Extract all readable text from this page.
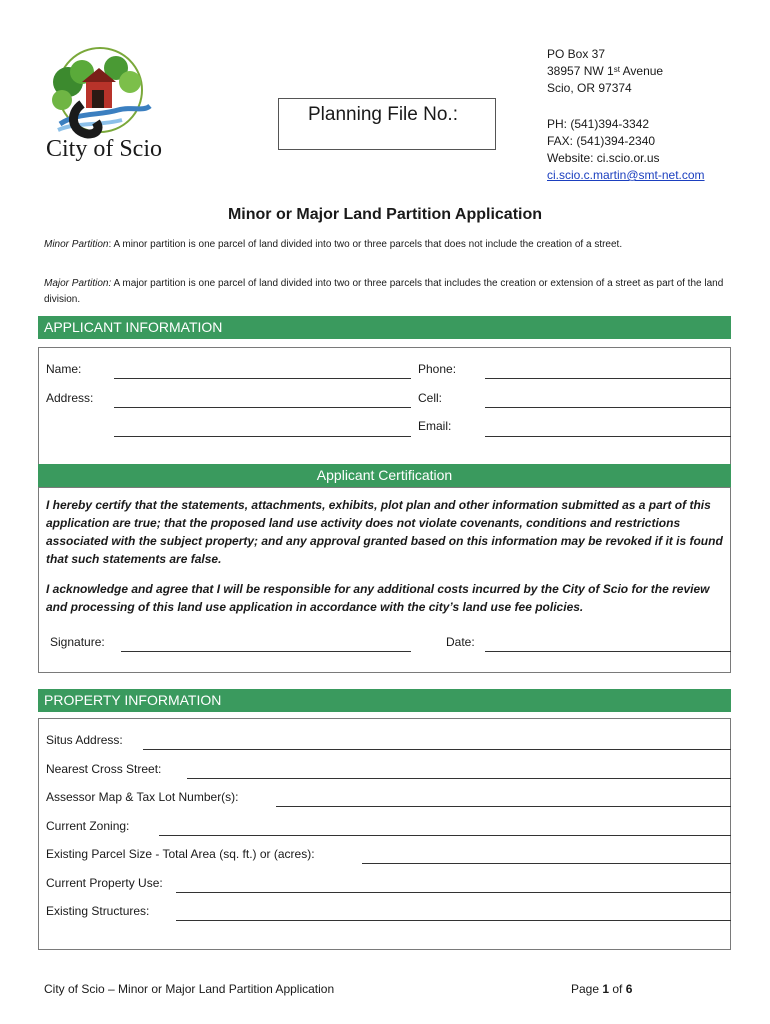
City of Scio
Planning File No.:
PO Box 37
38957 NW 1st Avenue
Scio, OR 97374
PH: (541)394-3342
FAX: (541)394-2340
Website: ci.scio.or.us
ci.scio.c.martin@smt-net.com
Minor or Major Land Partition Application
Minor Partition: A minor partition is one parcel of land divided into two or three parcels that does not include the creation of a street.
Major Partition: A major partition is one parcel of land divided into two or three parcels that includes the creation or extension of a street as part of the land division.
APPLICANT INFORMATION
Name:	Phone:
Address:	Cell:
Email:
Applicant Certification
I hereby certify that the statements, attachments, exhibits, plot plan and other information submitted as a part of this application are true; that the proposed land use activity does not violate covenants, conditions and restrictions associated with the subject property; and any approval granted based on this information may be revoked if it is found that such statements are false.
I acknowledge and agree that I will be responsible for any additional costs incurred by the City of Scio for the review and processing of this land use application in accordance with the city’s land use fee policies.
Signature:	Date:
PROPERTY INFORMATION
Situs Address:
Nearest Cross Street:
Assessor Map & Tax Lot Number(s):
Current Zoning:
Existing Parcel Size - Total Area (sq. ft.) or (acres):
Current Property Use:
Existing Structures:
City of Scio – Minor or Major Land Partition Application	Page 1 of 6
